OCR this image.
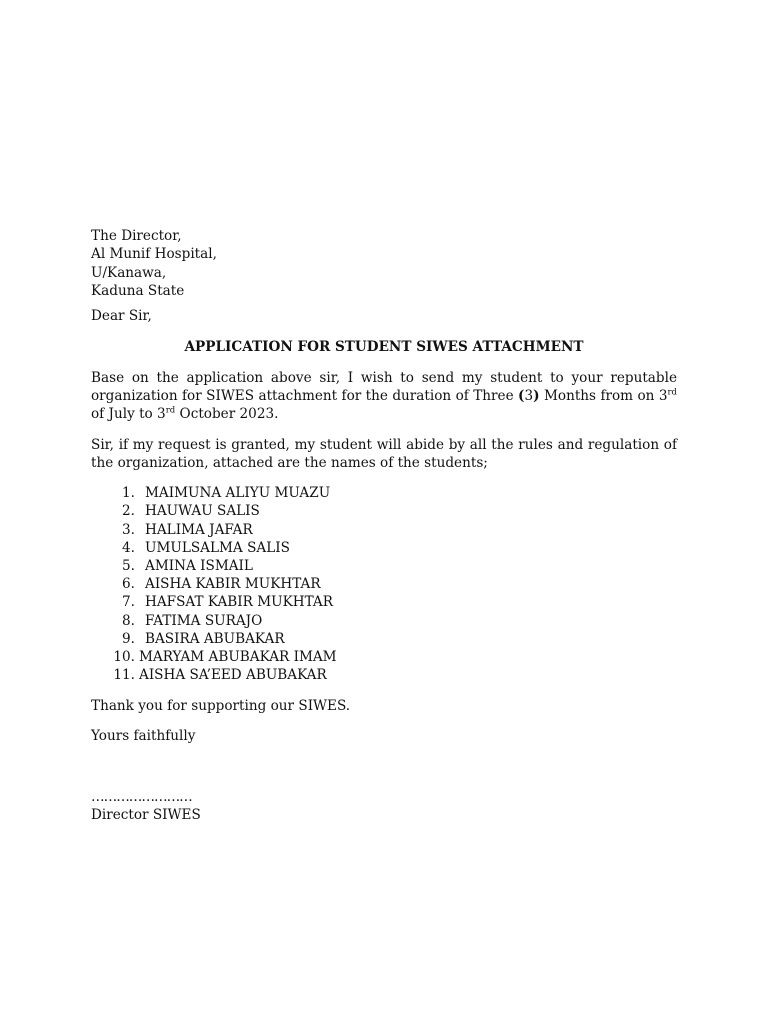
The Director,
Al Munif Hospital,
U/Kanawa,
Kaduna State
Dear Sir,
APPLICATION FOR STUDENT SIWES ATTACHMENT
Base on the application above sir, I wish to send my student to your reputable organization for SIWES attachment for the duration of Three (3) Months from on 3rd of July to 3rd October 2023.
Sir, if my request is granted, my student will abide by all the rules and regulation of the organization, attached are the names of the students;
1. MAIMUNA ALIYU MUAZU
2. HAUWAU SALIS
3. HALIMA JAFAR
4. UMULSALMA SALIS
5. AMINA ISMAIL
6. AISHA KABIR MUKHTAR
7. HAFSAT KABIR MUKHTAR
8. FATIMA SURAJO
9. BASIRA ABUBAKAR
10. MARYAM ABUBAKAR IMAM
11. AISHA SA’EED ABUBAKAR
Thank you for supporting our SIWES.
Yours faithfully
……………………
Director SIWES
